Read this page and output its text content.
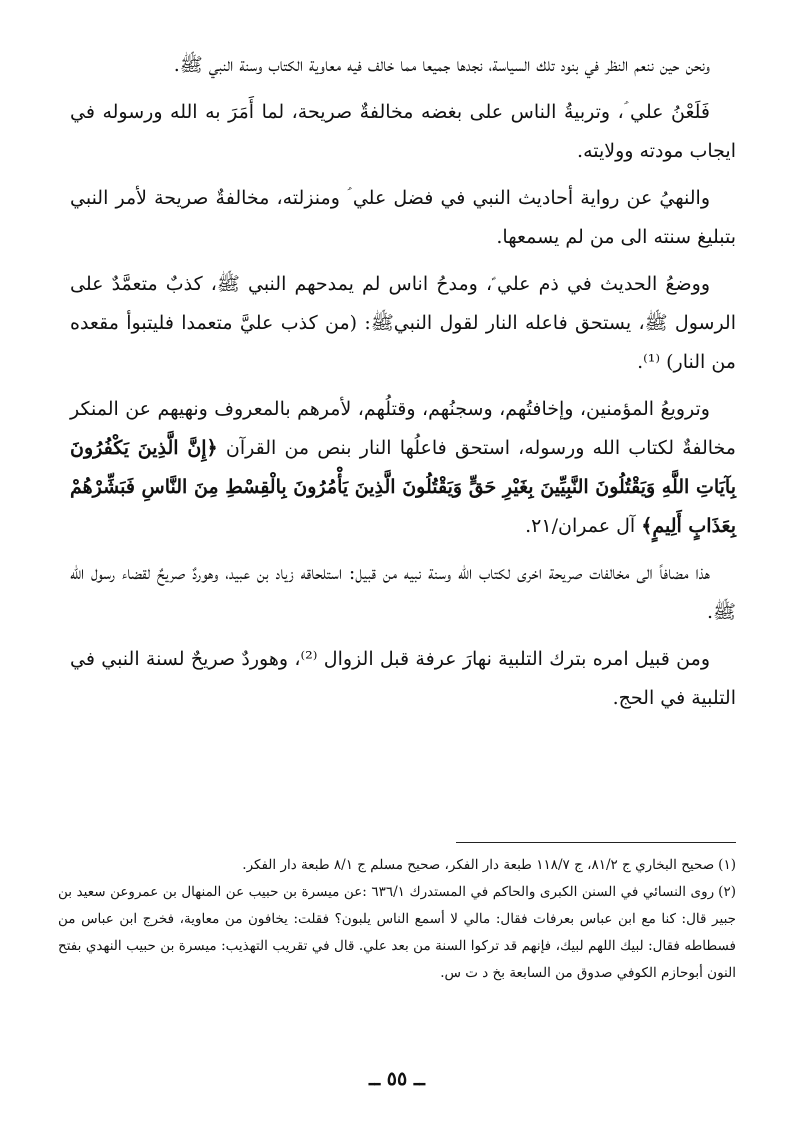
ونحن حين ننعم النظر في بنود تلك السياسة، نجدها جميعا مما خالف فيه معاوية الكتاب وسنة النبي ﷺ.

فَلَعْنُ علي ؑ، وتربيةُ الناس على بغضه مخالفةٌ صريحة، لما أَمَرَ به الله ورسوله في ايجاب مودته وولايته.

والنهيُ عن رواية أحاديث النبي في فضل علي ؑ ومنزلته، مخالفةٌ صريحة لأمر النبي بتبليغ سنته الى من لم يسمعها.

ووضعُ الحديث في ذم علي ؑ، ومدحُ اناس لم يمدحهم النبي ﷺ، كذبٌ متعمَّدٌ على الرسول ﷺ، يستحق فاعله النار لقول النبيﷺ: (من كذب عليَّ متعمدا فليتبوأ مقعده من النار) ⁽¹⁾.

وترويعُ المؤمنين، وإخافتُهم، وسجنُهم، وقتلُهم، لأمرهم بالمعروف ونهيهم عن المنكر مخالفةٌ لكتاب الله ورسوله، استحق فاعلُها النار بنص من القرآن ﴿إِنَّ الَّذِينَ يَكْفُرُونَ بِآيَاتِ اللَّهِ وَيَقْتُلُونَ النَّبِيِّينَ بِغَيْرِ حَقٍّ وَيَقْتُلُونَ الَّذِينَ يَأْمُرُونَ بِالْقِسْطِ مِنَ النَّاسِ فَبَشِّرْهُمْ بِعَذَابٍ أَلِيمٍ﴾ آل عمران/٢١.

هذا مضافاً الى مخالفات صريحة اخرى لكتاب الله وسنة نبيه من قبيل: استلحاقه زياد بن عبيد، وهوردٌ صريحٌ لقضاء رسول الله ﷺ.

ومن قبيل امره بترك التلبية نهارَ عرفة قبل الزوال ⁽²⁾، وهوردٌ صريحٌ لسنة النبي في التلبية في الحج.

(١)صحيح البخاري ج ٨١/٢، ج ١١٨/٧ طبعة دار الفكر، صحيح مسلم ج ٨/١ طبعة دار الفكر.

(٢)روى النسائي في السنن الكبرى والحاكم في المستدرك ٦٣٦/١ :عن ميسرة بن حبيب عن المنهال بن عمروعن سعيد بن جبير قال: كنا مع ابن عباس بعرفات فقال: مالي لا أسمع الناس يلبون؟ فقلت: يخافون من معاوية، فخرج ابن عباس من فسطاطه فقال: لبيك اللهم لبيك، فإنهم قد تركوا السنة من بعد علي. قال في تقريب التهذيب: ميسرة بن حبيب النهدي بفتح النون أبوحازم الكوفي صدوق من السابعة بخ د ت س.

ــ ٥٥ ــ
